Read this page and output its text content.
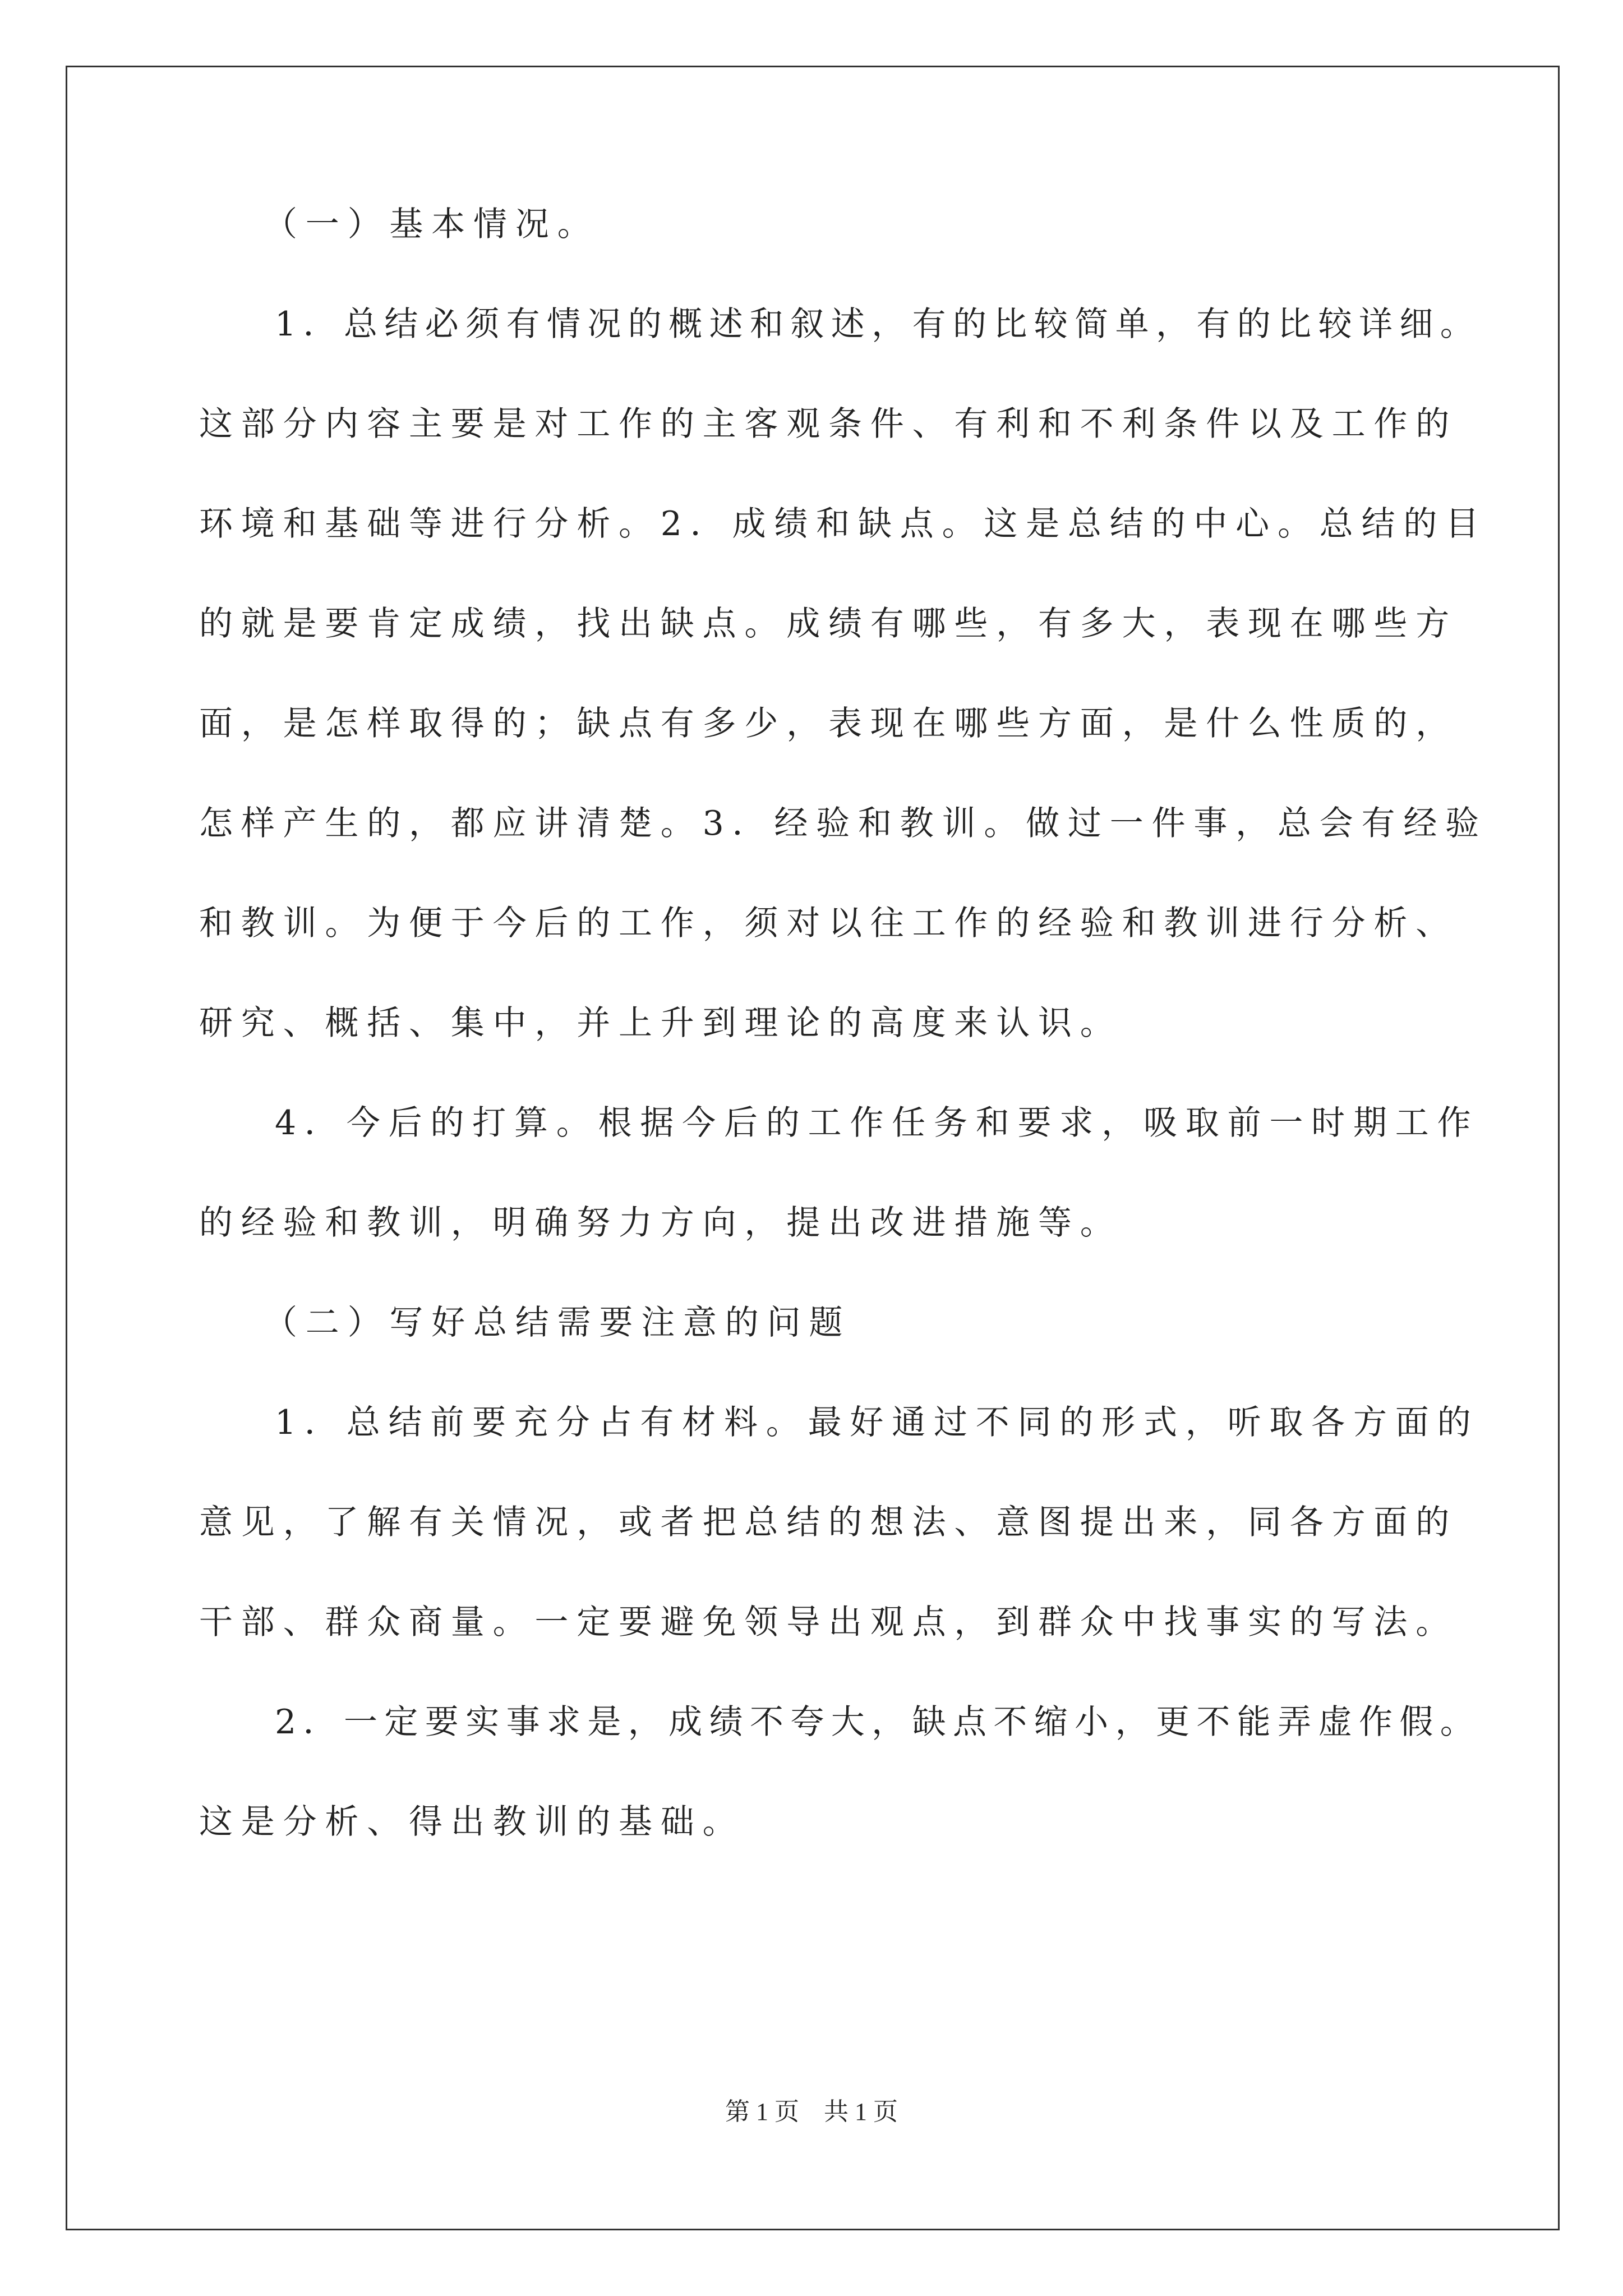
（一）基本情况。
1．总结必须有情况的概述和叙述，有的比较简单，有的比较详细。
这部分内容主要是对工作的主客观条件、有利和不利条件以及工作的
环境和基础等进行分析。2．成绩和缺点。这是总结的中心。总结的目
的就是要肯定成绩，找出缺点。成绩有哪些，有多大，表现在哪些方
面，是怎样取得的；缺点有多少，表现在哪些方面，是什么性质的，
怎样产生的，都应讲清楚。3．经验和教训。做过一件事，总会有经验
和教训。为便于今后的工作，须对以往工作的经验和教训进行分析、
研究、概括、集中，并上升到理论的高度来认识。
4．今后的打算。根据今后的工作任务和要求，吸取前一时期工作
的经验和教训，明确努力方向，提出改进措施等。
（二）写好总结需要注意的问题
1．总结前要充分占有材料。最好通过不同的形式，听取各方面的
意见，了解有关情况，或者把总结的想法、意图提出来，同各方面的
干部、群众商量。一定要避免领导出观点，到群众中找事实的写法。
2．一定要实事求是，成绩不夸大，缺点不缩小，更不能弄虚作假。
这是分析、得出教训的基础。
第 1 页　共 1 页
